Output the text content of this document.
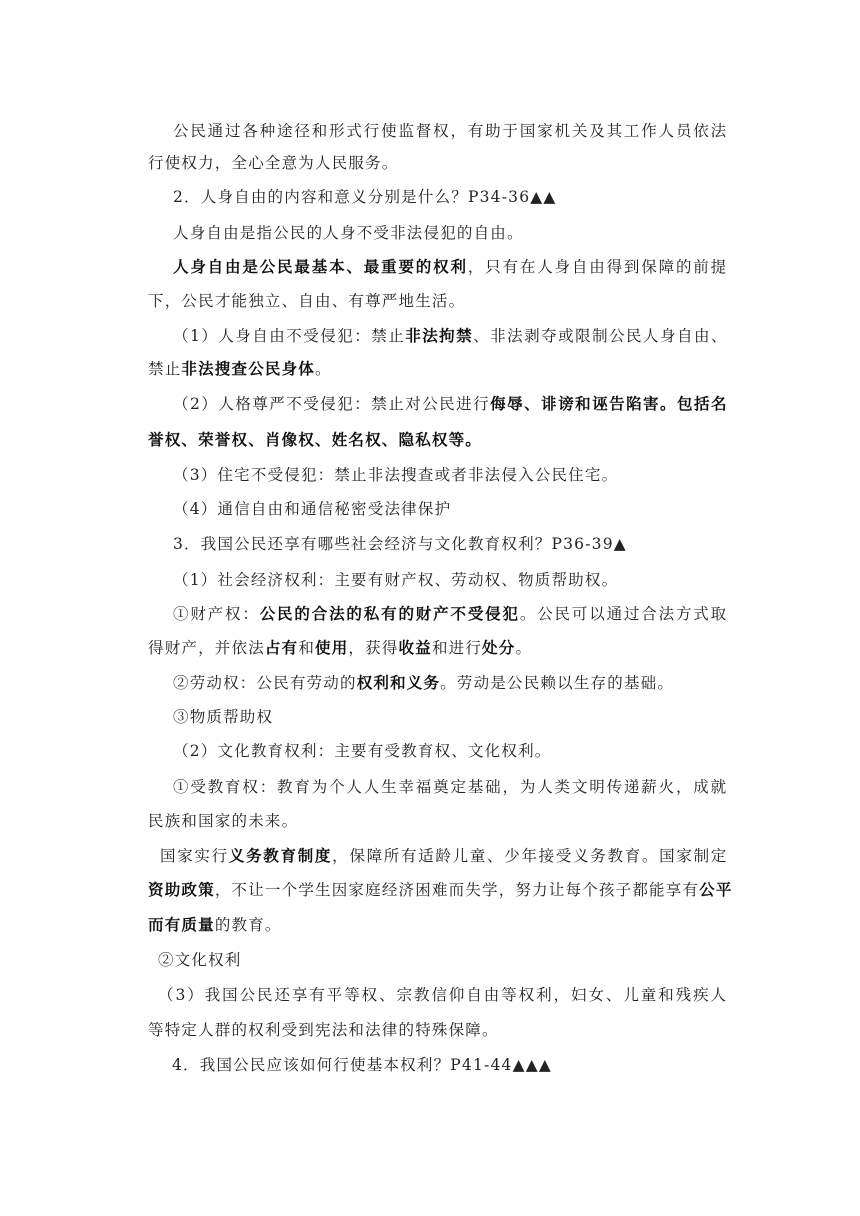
公民通过各种途径和形式行使监督权，有助于国家机关及其工作人员依法
行使权力，全心全意为人民服务。
2．人身自由的内容和意义分别是什么？P34-36▲▲
人身自由是指公民的人身不受非法侵犯的自由。
人身自由是公民最基本、最重要的权利，只有在人身自由得到保障的前提
下，公民才能独立、自由、有尊严地生活。
（1）人身自由不受侵犯：禁止非法拘禁、非法剥夺或限制公民人身自由、
禁止非法搜查公民身体。
（2）人格尊严不受侵犯：禁止对公民进行侮辱、诽谤和诬告陷害。包括名
誉权、荣誉权、肖像权、姓名权、隐私权等。
（3）住宅不受侵犯：禁止非法搜查或者非法侵入公民住宅。
（4）通信自由和通信秘密受法律保护
3．我国公民还享有哪些社会经济与文化教育权利？P36-39▲
（1）社会经济权利：主要有财产权、劳动权、物质帮助权。
①财产权：公民的合法的私有的财产不受侵犯。公民可以通过合法方式取
得财产，并依法占有和使用，获得收益和进行处分。
②劳动权：公民有劳动的权利和义务。劳动是公民赖以生存的基础。
③物质帮助权
（2）文化教育权利：主要有受教育权、文化权利。
①受教育权：教育为个人人生幸福奠定基础，为人类文明传递薪火，成就
民族和国家的未来。
国家实行义务教育制度，保障所有适龄儿童、少年接受义务教育。国家制定
资助政策，不让一个学生因家庭经济困难而失学，努力让每个孩子都能享有公平
而有质量的教育。
②文化权利
（3）我国公民还享有平等权、宗教信仰自由等权利，妇女、儿童和残疾人
等特定人群的权利受到宪法和法律的特殊保障。
4．我国公民应该如何行使基本权利？P41-44▲▲▲
